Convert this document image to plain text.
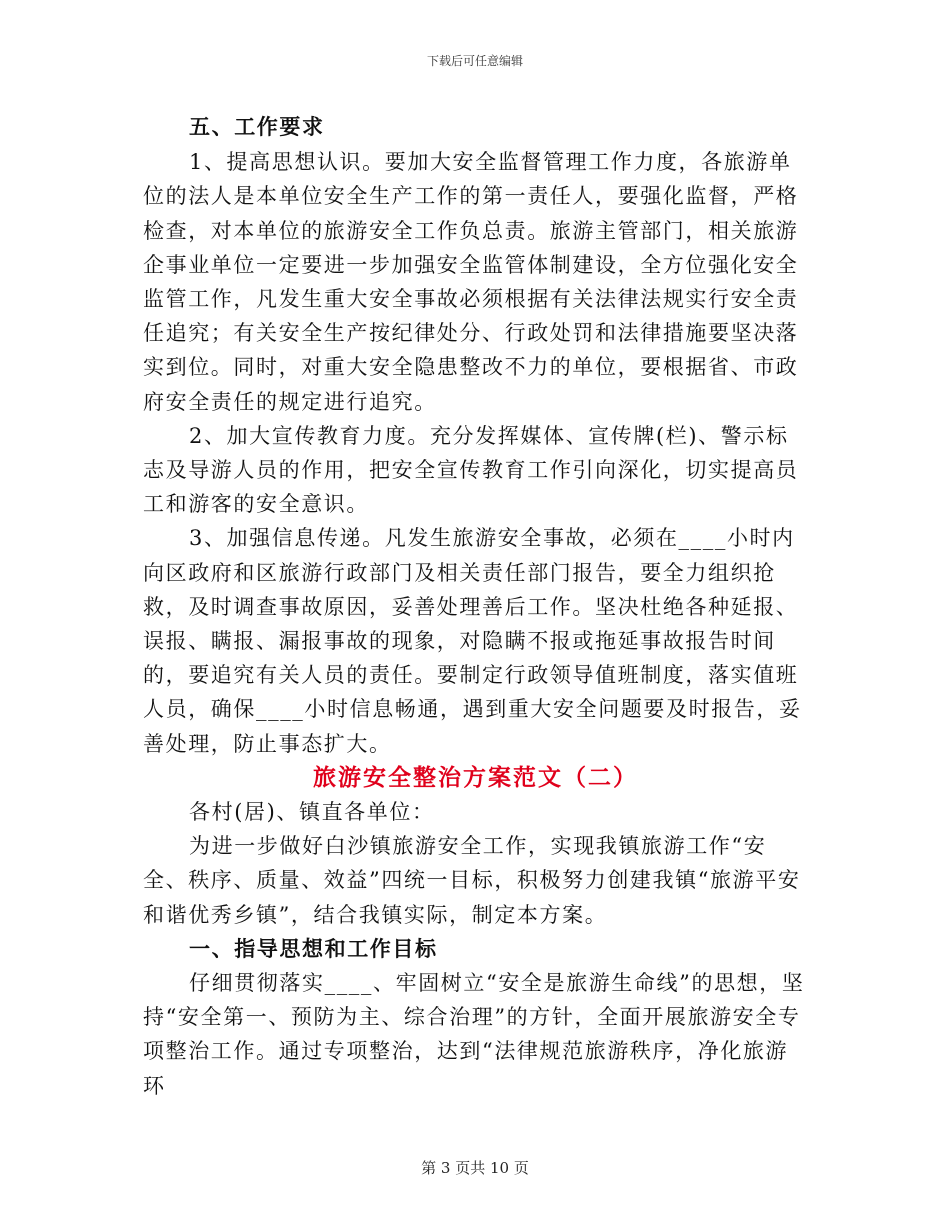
下载后可任意编辑

五、工作要求

1、提高思想认识。要加大安全监督管理工作力度，各旅游单位的法人是本单位安全生产工作的第一责任人，要强化监督，严格检查，对本单位的旅游安全工作负总责。旅游主管部门，相关旅游企事业单位一定要进一步加强安全监管体制建设，全方位强化安全监管工作，凡发生重大安全事故必须根据有关法律法规实行安全责任追究；有关安全生产按纪律处分、行政处罚和法律措施要坚决落实到位。同时，对重大安全隐患整改不力的单位，要根据省、市政府安全责任的规定进行追究。

2、加大宣传教育力度。充分发挥媒体、宣传牌(栏)、警示标志及导游人员的作用，把安全宣传教育工作引向深化，切实提高员工和游客的安全意识。

3、加强信息传递。凡发生旅游安全事故，必须在____小时内向区政府和区旅游行政部门及相关责任部门报告，要全力组织抢救，及时调查事故原因，妥善处理善后工作。坚决杜绝各种延报、误报、瞒报、漏报事故的现象，对隐瞒不报或拖延事故报告时间的，要追究有关人员的责任。要制定行政领导值班制度，落实值班人员，确保____小时信息畅通，遇到重大安全问题要及时报告，妥善处理，防止事态扩大。

旅游安全整治方案范文（二）

各村(居)、镇直各单位：

为进一步做好白沙镇旅游安全工作，实现我镇旅游工作“安全、秩序、质量、效益”四统一目标，积极努力创建我镇“旅游平安和谐优秀乡镇”，结合我镇实际，制定本方案。

一、指导思想和工作目标

仔细贯彻落实____、牢固树立“安全是旅游生命线”的思想，坚持“安全第一、预防为主、综合治理”的方针，全面开展旅游安全专项整治工作。通过专项整治，达到“法律规范旅游秩序，净化旅游环

第 3 页共 10 页
